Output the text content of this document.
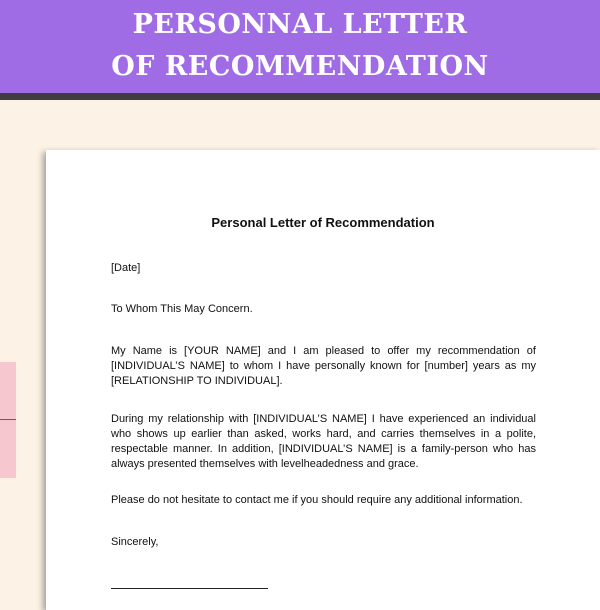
PERSONNAL LETTER
OF RECOMMENDATION
Personal Letter of Recommendation

[Date]

To Whom This May Concern.

My Name is [YOUR NAME] and I am pleased to offer my recommendation of [INDIVIDUAL’S NAME] to whom I have personally known for [number] years as my [RELATIONSHIP TO INDIVIDUAL].

During my relationship with [INDIVIDUAL’S NAME] I have experienced an individual who shows up earlier than asked, works hard, and carries themselves in a polite, respectable manner. In addition, [INDIVIDUAL’S NAME] is a family-person who has always presented themselves with levelheadedness and grace.

Please do not hesitate to contact me if you should require any additional information.

Sincerely,
